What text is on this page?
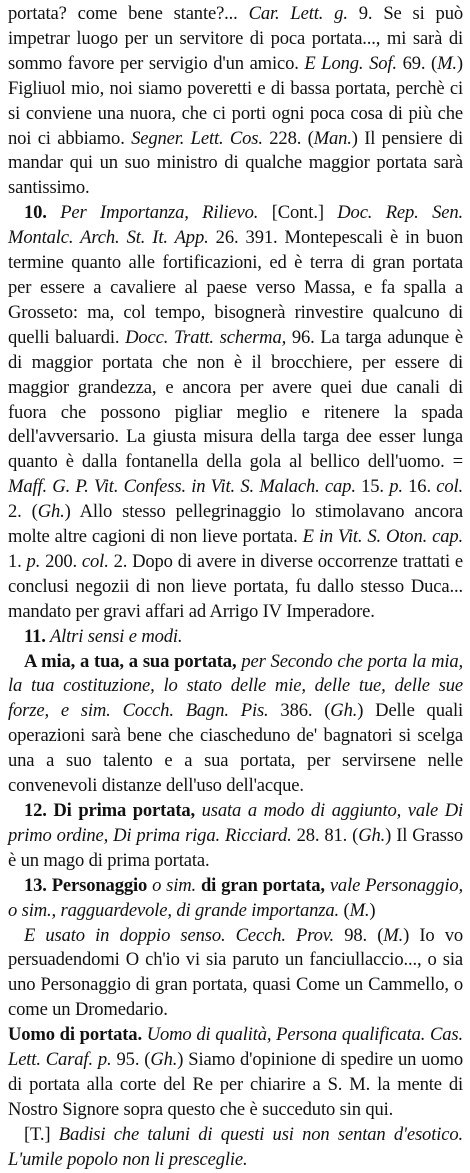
portata? come bene stante?... Car. Lett. g. 9. Se si può impetrar luogo per un servitore di poca portata..., mi sarà di sommo favore per servigio d'un amico. E Long. Sof. 69. (M.) Figliuol mio, noi siamo poveretti e di bassa portata, perchè ci si conviene una nuora, che ci porti ogni poca cosa di più che noi ci abbiamo. Segner. Lett. Cos. 228. (Man.) Il pensiere di mandar qui un suo ministro di qualche maggior portata sarà santissimo.

10. Per Importanza, Rilievo. [Cont.] Doc. Rep. Sen. Montalc. Arch. St. It. App. 26. 391. Montepescali è in buon termine quanto alle fortificazioni, ed è terra di gran portata per essere a cavaliere al paese verso Massa, e fa spalla a Grosseto: ma, col tempo, bisognerà rinvestire qualcuno di quelli baluardi. Docc. Tratt. scherma, 96. La targa adunque è di maggior portata che non è il brocchiere, per essere di maggior grandezza, e ancora per avere quei due canali di fuora che possono pigliar meglio e ritenere la spada dell'avversario. La giusta misura della targa dee esser lunga quanto è dalla fontanella della gola al bellico dell'uomo. = Maff. G. P. Vit. Confess. in Vit. S. Malach. cap. 15. p. 16. col. 2. (Gh.) Allo stesso pellegrinaggio lo stimolavano ancora molte altre cagioni di non lieve portata. E in Vit. S. Oton. cap. 1. p. 200. col. 2. Dopo di avere in diverse occorrenze trattati e conclusi negozii di non lieve portata, fu dallo stesso Duca... mandato per gravi affari ad Arrigo IV Imperadore.

11. Altri sensi e modi.

A mia, a tua, a sua portata, per Secondo che porta la mia, la tua costituzione, lo stato delle mie, delle tue, delle sue forze, e sim. Cocch. Bagn. Pis. 386. (Gh.) Delle quali operazioni sarà bene che ciascheduno de' bagnatori si scelga una a suo talento e a sua portata, per servirsene nelle convenevoli distanze dell'uso dell'acque.

12. Di prima portata, usata a modo di aggiunto, vale Di primo ordine, Di prima riga. Ricciard. 28. 81. (Gh.) Il Grasso è un mago di prima portata.

13. Personaggio o sim. di gran portata, vale Personaggio, o sim., ragguardevole, di grande importanza. (M.)

E usato in doppio senso. Cecch. Prov. 98. (M.) Io vo persuadendomi O ch'io vi sia paruto un fanciullaccio..., o sia uno Personaggio di gran portata, quasi Come un Cammello, o come un Dromedario.

Uomo di portata. Uomo di qualità, Persona qualificata. Cas. Lett. Caraf. p. 95. (Gh.) Siamo d'opinione di spedire un uomo di portata alla corte del Re per chiarire a S. M. la mente di Nostro Signore sopra questo che è succeduto sin qui.

[T.] Badisi che taluni di questi usi non sentan d'esotico. L'umile popolo non li presceglie.
